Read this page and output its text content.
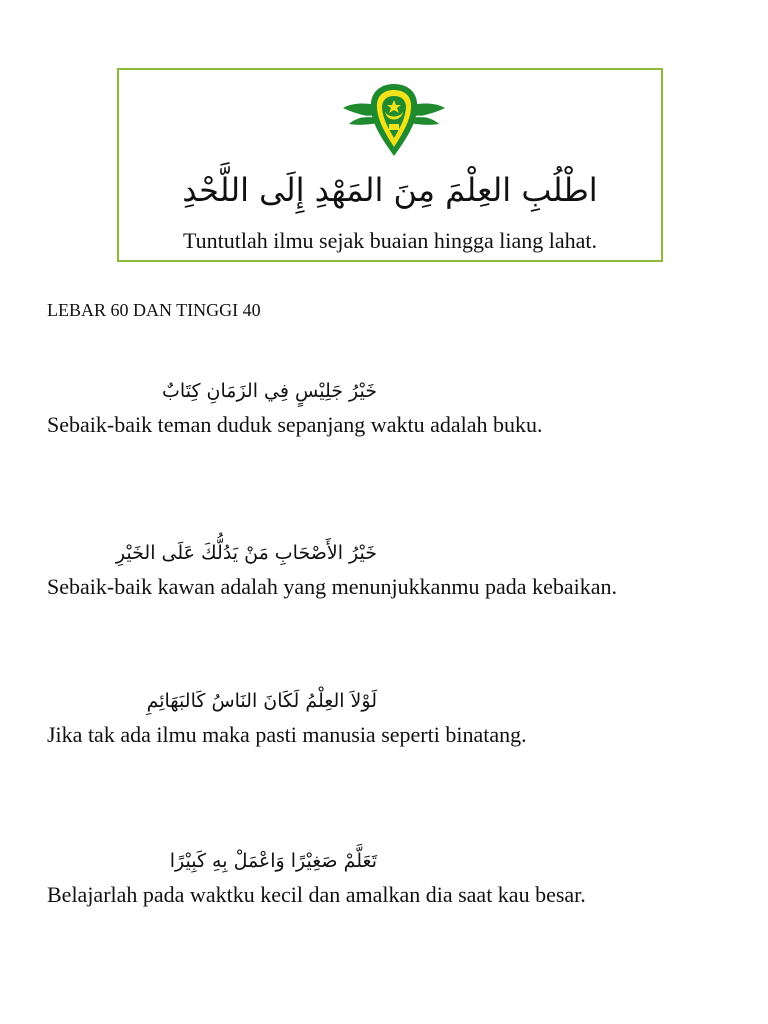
اطْلُبِ العِلْمَ مِنَ المَهْدِ إِلَى اللَّحْدِ
Tuntutlah ilmu sejak buaian hingga liang lahat.
LEBAR 60 DAN TINGGI 40
خَيْرُ جَلِيْسٍ فِي الزَمَانِ كِتَابٌ
Sebaik-baik teman duduk sepanjang waktu adalah buku.
خَيْرُ الأَصْحَابِ مَنْ يَدُلُّكَ عَلَى الخَيْرِ
Sebaik-baik kawan adalah yang menunjukkanmu pada kebaikan.
لَوْلاَ العِلْمُ لَكَانَ النَاسُ كَالبَهَائِمِ
Jika tak ada ilmu maka pasti manusia seperti binatang.
تَعَلَّمْ صَغِيْرًا وَاعْمَلْ بِهِ كَبِيْرًا
Belajarlah pada waktku kecil dan amalkan dia saat kau besar.
